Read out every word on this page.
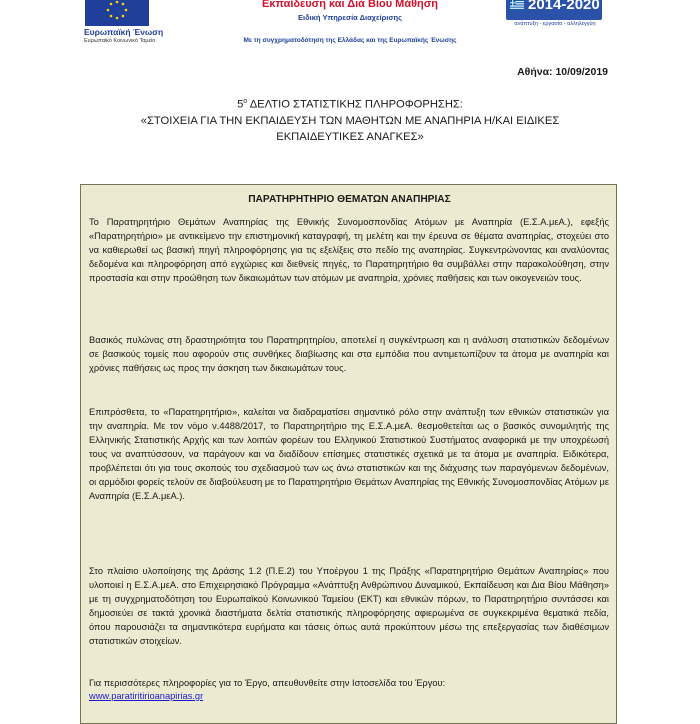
Ευρωπαϊκή Ένωση
Ευρωπαϊκό Κοινωνικό Ταμείο
Εκπαίδευση και Διά Βίου Μάθηση
Ειδική Υπηρεσία Διαχείρισης
Με τη συγχρηματοδότηση της Ελλάδας και της Ευρωπαϊκής Ένωσης
2014-2020
ανάπτυξη - εργασία - αλληλεγγύη
Αθήνα: 10/09/2019
$5^o$ ΔΕΛΤΙΟ ΣΤΑΤΙΣΤΙΚΗΣ ΠΛΗΡΟΦΟΡΗΣΗΣ:
«ΣΤΟΙΧΕΙΑ ΓΙΑ ΤΗΝ ΕΚΠΑΙΔΕΥΣΗ ΤΩΝ ΜΑΘΗΤΩΝ ΜΕ ΑΝΑΠΗΡΙΑ Η/ΚΑΙ ΕΙΔΙΚΕΣ
ΕΚΠΑΙΔΕΥΤΙΚΕΣ ΑΝΑΓΚΕΣ»
ΠΑΡΑΤΗΡΗΤΗΡΙΟ ΘΕΜΑΤΩΝ ΑΝΑΠΗΡΙΑΣ

Το Παρατηρητήριο Θεμάτων Αναπηρίας της Εθνικής Συνομοσπονδίας Ατόμων με Αναπηρία (Ε.Σ.Α.μεΑ.), εφεξής «Παρατηρητήριο» με αντικείμενο την επιστημονική καταγραφή, τη μελέτη και την έρευνα σε θέματα αναπηρίας, στοχεύει στο να καθιερωθεί ως βασική πηγή πληροφόρησης για τις εξελίξεις στο πεδίο της αναπηρίας. Συγκεντρώνοντας και αναλύοντας δεδομένα και πληροφόρηση από εγχώριες και διεθνείς πηγές, το Παρατηρητήριο θα συμβάλλει στην παρακολούθηση, στην προστασία και στην προώθηση των δικαιωμάτων των ατόμων με αναπηρία, χρόνιες παθήσεις και των οικογενειών τους.

Βασικός πυλώνας στη δραστηριότητα του Παρατηρητηρίου, αποτελεί η συγκέντρωση και η ανάλυση στατιστικών δεδομένων σε βασικούς τομείς που αφορούν στις συνθήκες διαβίωσης και στα εμπόδια που αντιμετωπίζουν τα άτομα με αναπηρία και χρόνιες παθήσεις ως προς την άσκηση των δικαιωμάτων τους.

Επιπρόσθετα, το «Παρατηρητήριο», καλείται να διαδραματίσει σημαντικό ρόλο στην ανάπτυξη των εθνικών στατιστικών για την αναπηρία. Με τον νόμο ν.4488/2017, το Παρατηρητήριο της Ε.Σ.Α.μεΑ. θεσμοθετείται ως ο βασικός συνομιλητής της Ελληνικής Στατιστικής Αρχής και των λοιπών φορέων του Ελληνικού Στατιστικού Συστήματος αναφορικά με την υποχρέωσή τους να αναπτύσσουν, να παράγουν και να διαδίδουν επίσημες στατιστικές σχετικά με τα άτομα με αναπηρία. Ειδικότερα, προβλέπεται ότι για τους σκοπούς του σχεδιασμού των ως άνω στατιστικών και της διάχυσης των παραγόμενων δεδομένων, οι αρμόδιοι φορείς τελούν σε διαβούλευση με το Παρατηρητήριο Θεμάτων Αναπηρίας της Εθνικής Συνομοσπονδίας Ατόμων με Αναπηρία (Ε.Σ.Α.μεΑ.).

Στο πλαίσιο υλοποίησης της Δράσης 1.2 (Π.Ε.2) του Υποέργου 1 της Πράξης «Παρατηρητήριο Θεμάτων Αναπηρίας» που υλοποιεί η Ε.Σ.Α.μεΑ. στο Επιχειρησιακό Πρόγραμμα «Ανάπτυξη Ανθρώπινου Δυναμικού, Εκπαίδευση και Δια Βίου Μάθηση» με τη συγχρηματοδότηση του Ευρωπαϊκού Κοινωνικού Ταμείου (ΕΚΤ) και εθνικών πόρων, το Παρατηρητήριο συντάσσει και δημοσιεύει σε τακτά χρονικά διαστήματα δελτία στατιστικής πληροφόρησης αφιερωμένα σε συγκεκριμένα θεματικά πεδία, όπου παρουσιάζει τα σημαντικότερα ευρήματα και τάσεις όπως αυτά προκύπτουν μέσω της επεξεργασίας των διαθέσιμων στατιστικών στοιχείων.

Για περισσότερες πληροφορίες για το Έργο, απευθυνθείτε στην Ιστοσελίδα του Έργου:

www.paratiritirioanapirias.gr
